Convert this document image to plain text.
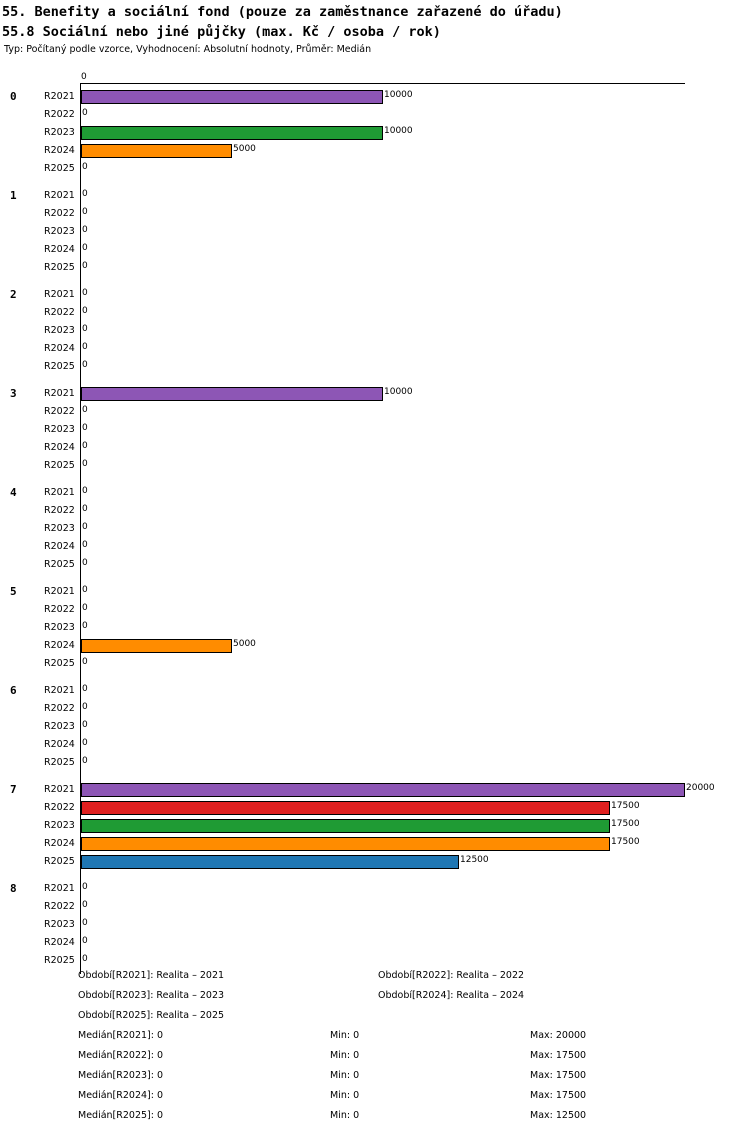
55. Benefity a sociální fond (pouze za zaměstnance zařazené do úřadu)
55.8 Sociální nebo jiné půjčky (max. Kč / osoba / rok)
Typ: Počítaný podle vzorce, Vyhodnocení: Absolutní hodnoty, Průměr: Medián
0
0	R2021	10000
R2022 0
R2023	10000
R2024	5000
R2025 0
1	R2021 0
R2022 0
R2023 0
R2024 0
R2025 0
2	R2021 0
R2022 0
R2023 0
R2024 0
R2025 0
3	R2021	10000
R2022 0
R2023 0
R2024 0
R2025 0
4	R2021 0
R2022 0
R2023 0
R2024 0
R2025 0
5	R2021 0
R2022 0
R2023 0
R2024	5000
R2025 0
6	R2021 0
R2022 0
R2023 0
R2024 0
R2025 0
7	R2021	20000
R2022	17500
R2023	17500
R2024	17500
R2025	12500
8	R2021 0
R2022 0
R2023 0
R2024 0
R2025 0
Období[R2021]: Realita – 2021	Období[R2022]: Realita – 2022
Období[R2023]: Realita – 2023	Období[R2024]: Realita – 2024
Období[R2025]: Realita – 2025
Medián[R2021]: 0	Min: 0	Max: 20000
Medián[R2022]: 0	Min: 0	Max: 17500
Medián[R2023]: 0	Min: 0	Max: 17500
Medián[R2024]: 0	Min: 0	Max: 17500
Medián[R2025]: 0	Min: 0	Max: 12500
